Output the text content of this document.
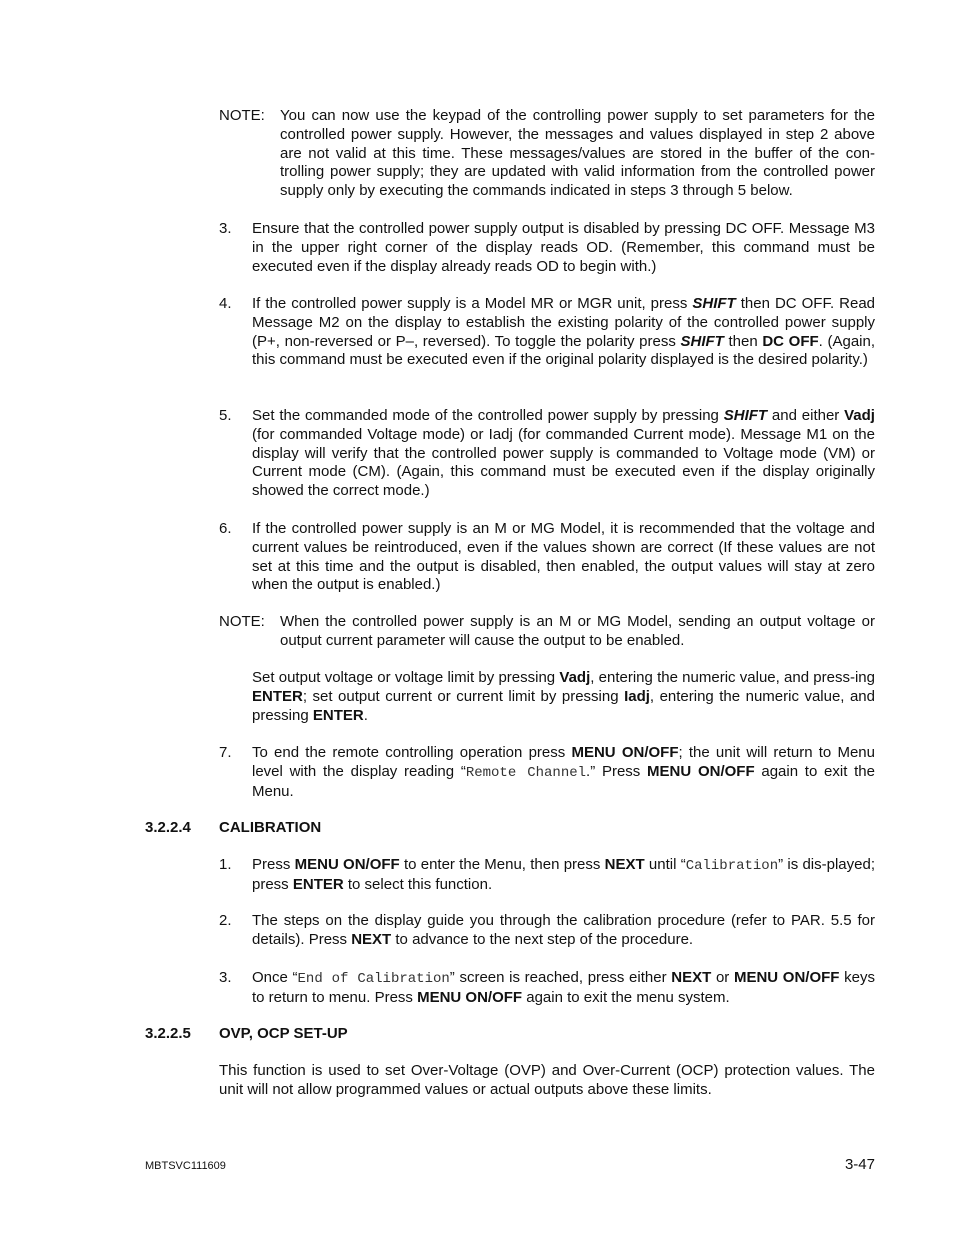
NOTE: You can now use the keypad of the controlling power supply to set parameters for the controlled power supply. However, the messages and values displayed in step 2 above are not valid at this time. These messages/values are stored in the buffer of the con-trolling power supply; they are updated with valid information from the controlled power supply only by executing the commands indicated in steps 3 through 5 below.
3. Ensure that the controlled power supply output is disabled by pressing DC OFF. Message M3 in the upper right corner of the display reads OD. (Remember, this command must be executed even if the display already reads OD to begin with.)
4. If the controlled power supply is a Model MR or MGR unit, press SHIFT then DC OFF. Read Message M2 on the display to establish the existing polarity of the controlled power supply (P+, non-reversed or P–, reversed). To toggle the polarity press SHIFT then DC OFF. (Again, this command must be executed even if the original polarity displayed is the desired polarity.)
5. Set the commanded mode of the controlled power supply by pressing SHIFT and either Vadj (for commanded Voltage mode) or Iadj (for commanded Current mode). Message M1 on the display will verify that the controlled power supply is commanded to Voltage mode (VM) or Current mode (CM). (Again, this command must be executed even if the display originally showed the correct mode.)
6. If the controlled power supply is an M or MG Model, it is recommended that the voltage and current values be reintroduced, even if the values shown are correct (If these values are not set at this time and the output is disabled, then enabled, the output values will stay at zero when the output is enabled.)
NOTE: When the controlled power supply is an M or MG Model, sending an output voltage or output current parameter will cause the output to be enabled.
Set output voltage or voltage limit by pressing Vadj, entering the numeric value, and press-ing ENTER; set output current or current limit by pressing Iadj, entering the numeric value, and pressing ENTER.
7. To end the remote controlling operation press MENU ON/OFF; the unit will return to Menu level with the display reading “Remote Channel.” Press MENU ON/OFF again to exit the Menu.
3.2.2.4 CALIBRATION
1. Press MENU ON/OFF to enter the Menu, then press NEXT until “Calibration” is dis-played; press ENTER to select this function.
2. The steps on the display guide you through the calibration procedure (refer to PAR. 5.5 for details). Press NEXT to advance to the next step of the procedure.
3. Once “End of Calibration” screen is reached, press either NEXT or MENU ON/OFF keys to return to menu. Press MENU ON/OFF again to exit the menu system.
3.2.2.5 OVP, OCP SET-UP
This function is used to set Over-Voltage (OVP) and Over-Current (OCP) protection values. The unit will not allow programmed values or actual outputs above these limits.
MBTSVC111609	3-47
